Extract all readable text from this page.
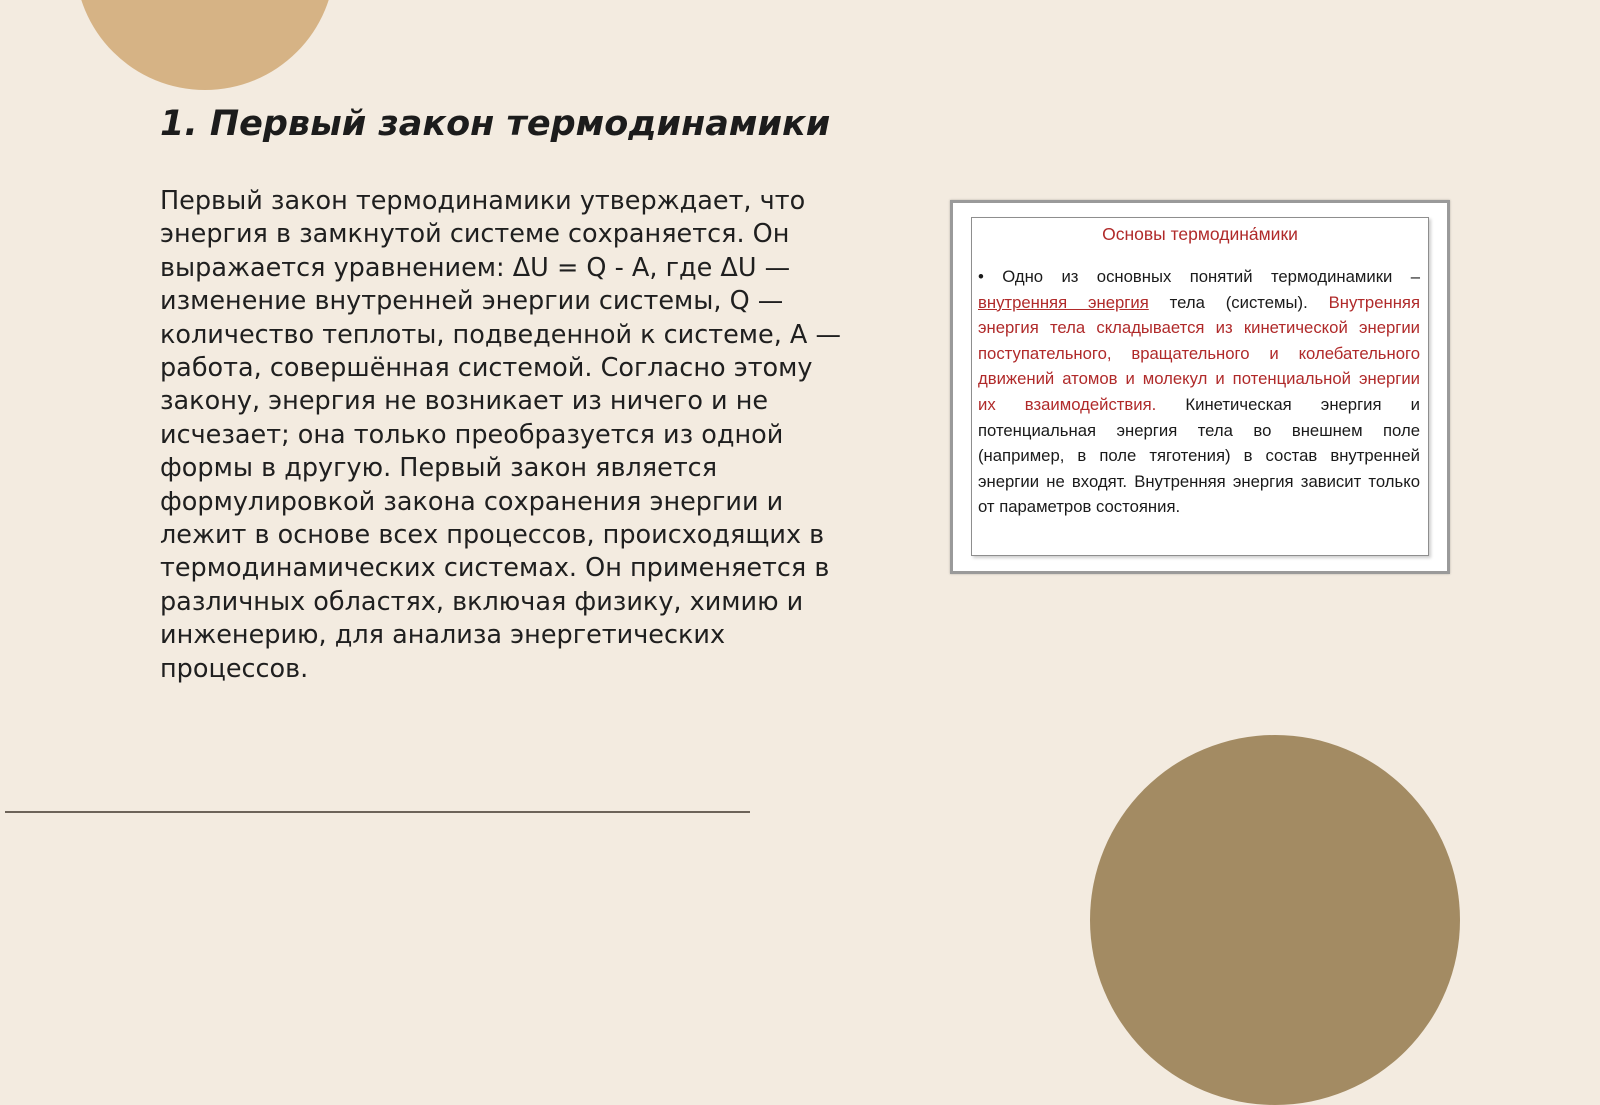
1. Первый закон термодинамики

Первый закон термодинамики утверждает, что энергия в замкнутой системе сохраняется. Он выражается уравнением: ΔU = Q - A, где ΔU — изменение внутренней энергии системы, Q — количество теплоты, подведенной к системе, A — работа, совершённая системой. Согласно этому закону, энергия не возникает из ничего и не исчезает; она только преобразуется из одной формы в другую. Первый закон является формулировкой закона сохранения энергии и лежит в основе всех процессов, происходящих в термодинамических системах. Он применяется в различных областях, включая физику, химию и инженерию, для анализа энергетических процессов.

Основы термодина́мики

• Одно из основных понятий термодинамики – внутренняя энергия тела (системы). Внутренняя энергия тела складывается из кинетической энергии поступательного, вращательного и колебательного движений атомов и молекул и потенциальной энергии их взаимодействия. Кинетическая энергия и потенциальная энергия тела во внешнем поле (например, в поле тяготения) в состав внутренней энергии не входят. Внутренняя энергия зависит только от параметров состояния.
